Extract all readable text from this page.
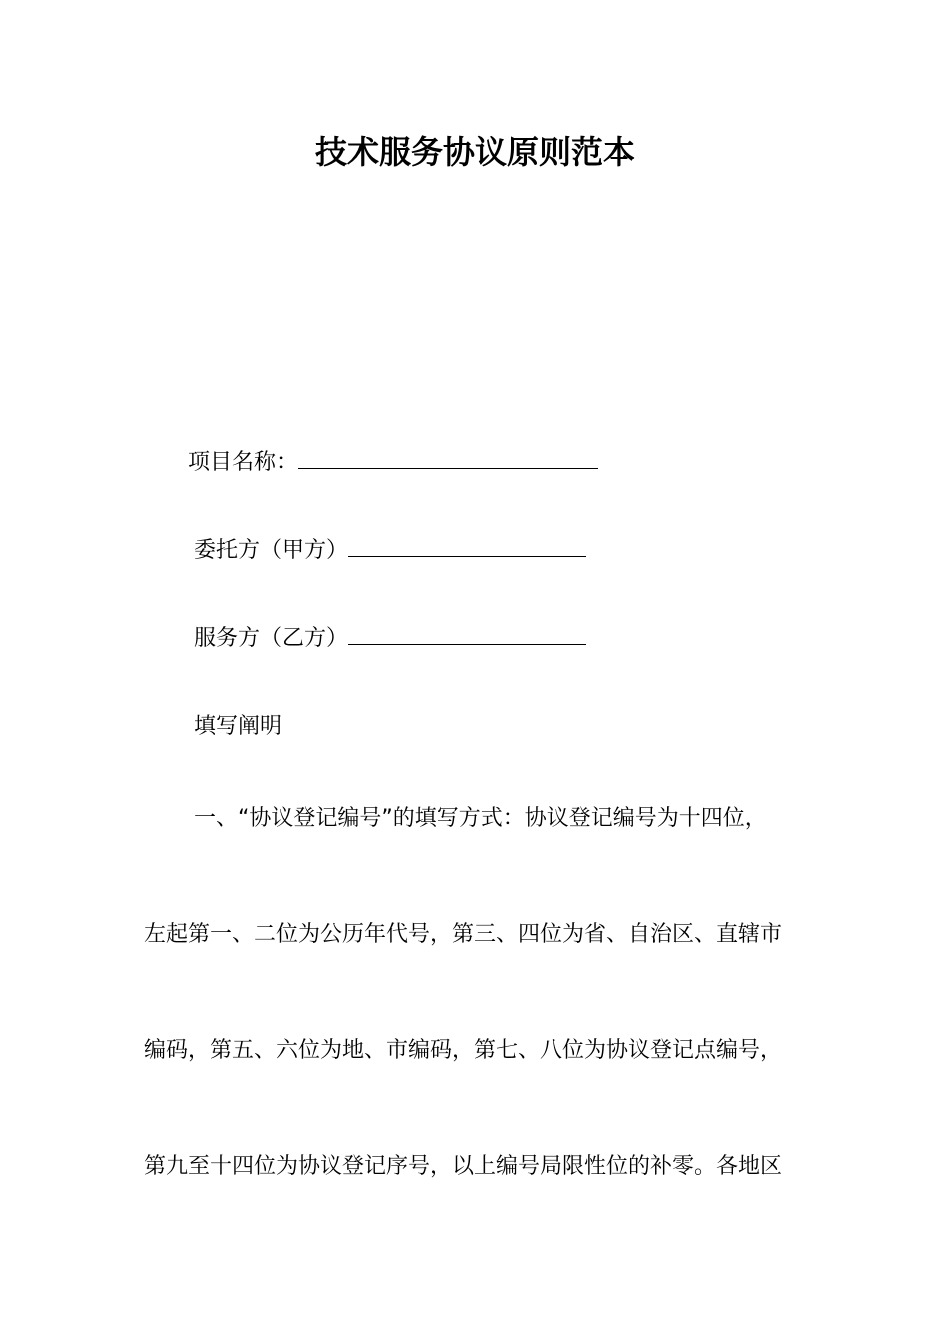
技术服务协议原则范本
项目名称：
委托方（甲方）
服务方（乙方）
填写阐明
一、“协议登记编号”的填写方式：协议登记编号为十四位，
左起第一、二位为公历年代号，第三、四位为省、自治区、直辖市
编码，第五、六位为地、市编码，第七、八位为协议登记点编号，
第九至十四位为协议登记序号，以上编号局限性位的补零。各地区
